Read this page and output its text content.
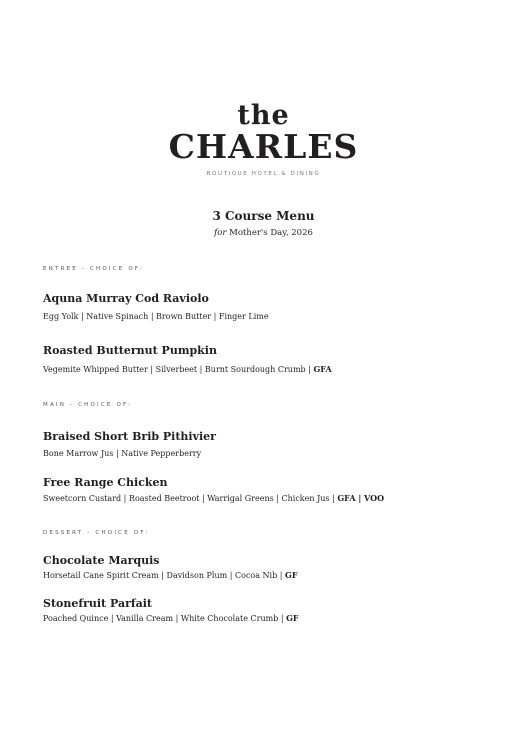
the
CHARLES
BOUTIQUE HOTEL & DINING
3 Course Menu
for Mother's Day, 2026
ENTREE - CHOICE OF:
Aquna Murray Cod Raviolo
Egg Yolk | Native Spinach | Brown Butter | Finger Lime
Roasted Butternut Pumpkin
Vegemite Whipped Butter | Silverbeet | Burnt Sourdough Crumb | GFA
MAIN - CHOICE OF:
Braised Short Brib Pithivier
Bone Marrow Jus | Native Pepperberry
Free Range Chicken
Sweetcorn Custard | Roasted Beetroot | Warrigal Greens | Chicken Jus | GFA | VOO
DESSERT - CHOICE OF:
Chocolate Marquis
Horsetail Cane Spirit Cream | Davidson Plum | Cocoa Nib | GF
Stonefruit Parfait
Poached Quince | Vanilla Cream | White Chocolate Crumb | GF
